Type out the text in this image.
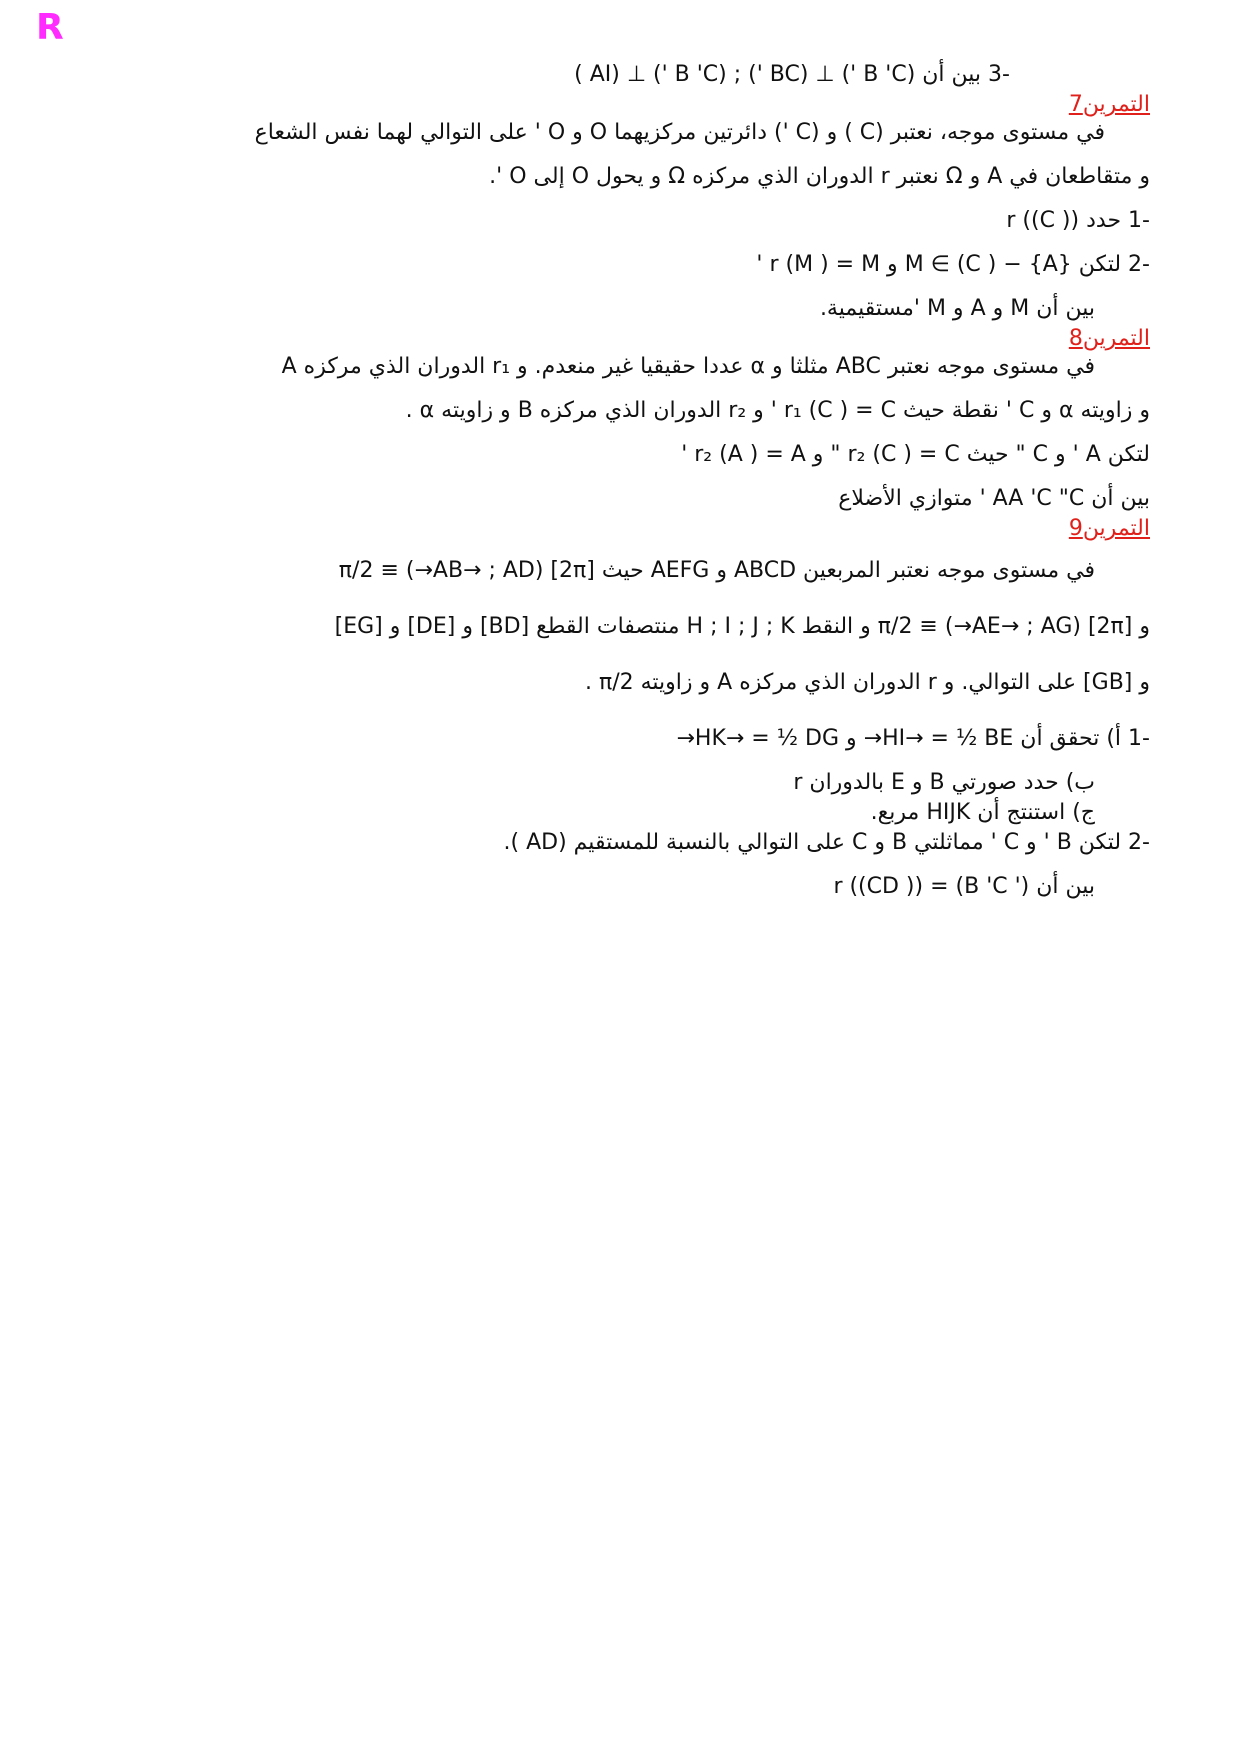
R

-3 بين أن (B 'C ') ⊥ (BC ') ; (B 'C ') ⊥ (AI )

التمرين7

في مستوى موجه، نعتبر (C ) و (C ') دائرتين مركزيهما O و O ' على التوالي لهما نفس الشعاع

و متقاطعان في A و Ω نعتبر r الدوران الذي مركزه Ω و يحول O إلى O '.

-1 حدد r ((C ))

-2 لتكن M ∈ (C ) − {A} و r (M ) = M '

بين أن M و A و M 'مستقيمية.

التمرين8

في مستوى موجه نعتبر ABC مثلثا و α عددا حقيقيا غير منعدم. و r₁ الدوران الذي مركزه A

و زاويته α و C ' نقطة حيث r₁ (C ) = C ' و r₂ الدوران الذي مركزه B و زاويته α .

لتكن A ' و C " حيث r₂ (C ) = C " و r₂ (A ) = A '

بين أن AA 'C "C ' متوازي الأضلاع

التمرين9

في مستوى موجه نعتبر المربعين ABCD و AEFG حيث [2π] (AB→ ; AD→) ≡ π/2

و [2π] (AE→ ; AG→) ≡ π/2 و النقط H ; I ; J ; K منتصفات القطع [BD] و [DE] و [EG]

و [GB] على التوالي. و r الدوران الذي مركزه A و زاويته π/2 .

-1 أ) تحقق أن HI→ = ½ BE→ و HK→ = ½ DG→

ب) حدد صورتي B و E بالدوران r

ج) استنتج أن HIJK مربع.

-2 لتكن B ' و C ' مماثلتي B و C على التوالي بالنسبة للمستقيم (AD ).

بين أن r ((CD )) = (B 'C ')
